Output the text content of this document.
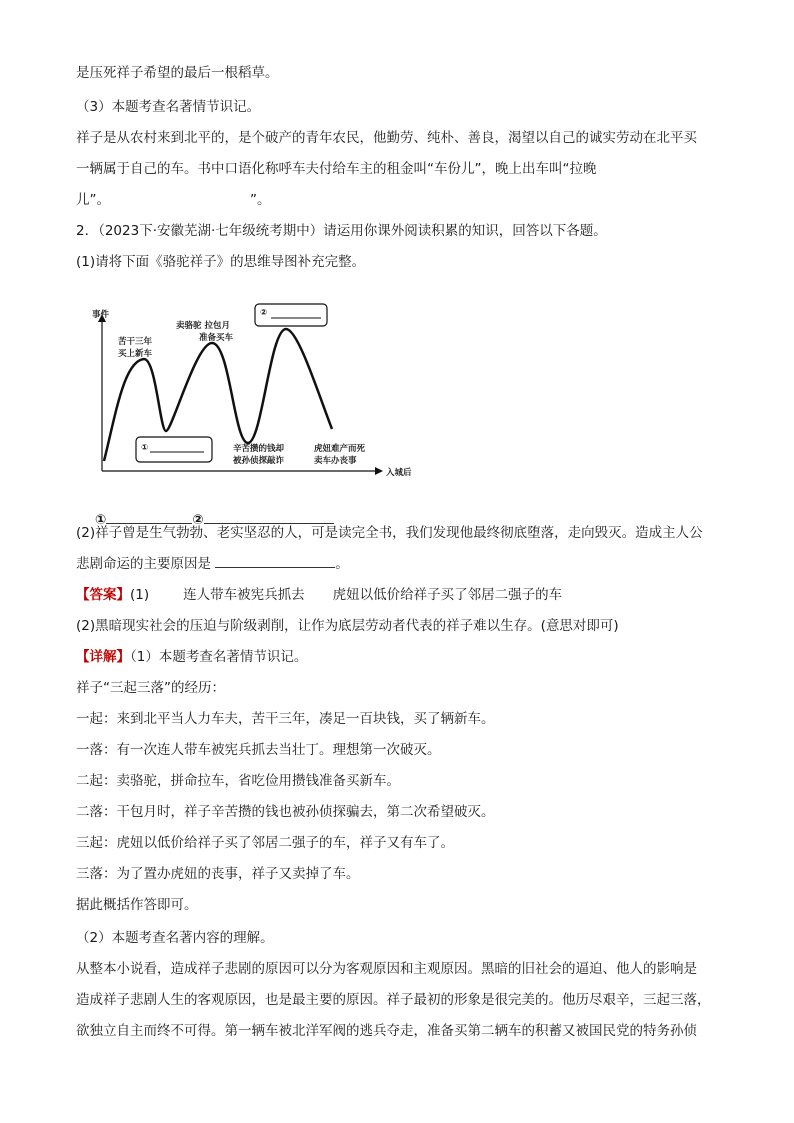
是压死祥子希望的最后一根稻草。
（3）本题考查名著情节识记。
祥子是从农村来到北平的，是个破产的青年农民，他勤劳、纯朴、善良，渴望以自己的诚实劳动在北平买
一辆属于自己的车。书中口语化称呼车夫付给车主的租金叫“车份儿”，晚上出车叫“拉晚
儿”。	”。
2．（2023下·安徽芜湖·七年级统考期中）请运用你课外阅读积累的知识，回答以下各题。
(1)请将下面《骆驼祥子》的思维导图补充完整。
事件
入城后
苦干三年
买上新车
卖骆驼 拉包月
准备买车
②
①	辛苦攒的钱却
被孙侦探敲诈
虎妞难产而死
卖车办丧事

①	②

(2)祥子曾是生气勃勃、老实坚忍的人，可是读完全书，我们发现他最终彻底堕落，走向毁灭。造成主人公
悲剧命运的主要原因是	。
【答案】(1)	连人带车被宪兵抓去 虎妞以低价给祥子买了邻居二强子的车
(2)黑暗现实社会的压迫与阶级剥削，让作为底层劳动者代表的祥子难以生存。(意思对即可)
【详解】（1）本题考查名著情节识记。
祥子“三起三落”的经历：
一起：来到北平当人力车夫，苦干三年，凑足一百块钱，买了辆新车。
一落：有一次连人带车被宪兵抓去当壮丁。理想第一次破灭。
二起：卖骆驼，拼命拉车，省吃俭用攒钱准备买新车。
二落：干包月时，祥子辛苦攒的钱也被孙侦探骗去，第二次希望破灭。
三起：虎妞以低价给祥子买了邻居二强子的车，祥子又有车了。
三落：为了置办虎妞的丧事，祥子又卖掉了车。
据此概括作答即可。
（2）本题考查名著内容的理解。
从整本小说看，造成祥子悲剧的原因可以分为客观原因和主观原因。黑暗的旧社会的逼迫、他人的影响是
造成祥子悲剧人生的客观原因，也是最主要的原因。祥子最初的形象是很完美的。他历尽艰辛，三起三落，
欲独立自主而终不可得。第一辆车被北洋军阀的逃兵夺走，准备买第二辆车的积蓄又被国民党的特务孙侦
